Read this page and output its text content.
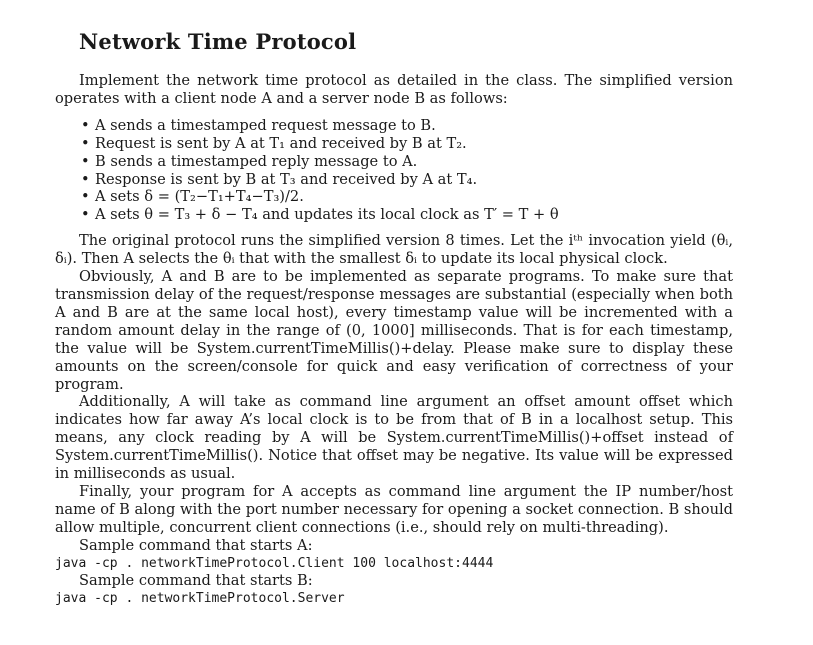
Network Time Protocol

Implement the network time protocol as detailed in the class. The simplified version operates with a client node A and a server node B as follows:

• A sends a timestamped request message to B.
• Request is sent by A at T₁ and received by B at T₂.
• B sends a timestamped reply message to A.
• Response is sent by B at T₃ and received by A at T₄.
• A sets δ = (T₂−T₁+T₄−T₃)/2.
• A sets θ = T₃ + δ − T₄ and updates its local clock as T′ = T + θ

The original protocol runs the simplified version 8 times. Let the iᵗʰ invocation yield (θᵢ, δᵢ). Then A selects the θᵢ that with the smallest δᵢ to update its local physical clock.

Obviously, A and B are to be implemented as separate programs. To make sure that transmission delay of the request/response messages are substantial (especially when both A and B are at the same local host), every timestamp value will be incremented with a random amount delay in the range of (0, 1000] milliseconds. That is for each timestamp, the value will be System.currentTimeMillis()+delay. Please make sure to display these amounts on the screen/console for quick and easy verification of correctness of your program.

Additionally, A will take as command line argument an offset amount offset which indicates how far away A’s local clock is to be from that of B in a localhost setup. This means, any clock reading by A will be System.currentTimeMillis()+offset instead of System.currentTimeMillis(). Notice that offset may be negative. Its value will be expressed in milliseconds as usual.

Finally, your program for A accepts as command line argument the IP number/host name of B along with the port number necessary for opening a socket connection. B should allow multiple, concurrent client connections (i.e., should rely on multi-threading).

Sample command that starts A:

java -cp . networkTimeProtocol.Client 100 localhost:4444

Sample command that starts B:

java -cp . networkTimeProtocol.Server
